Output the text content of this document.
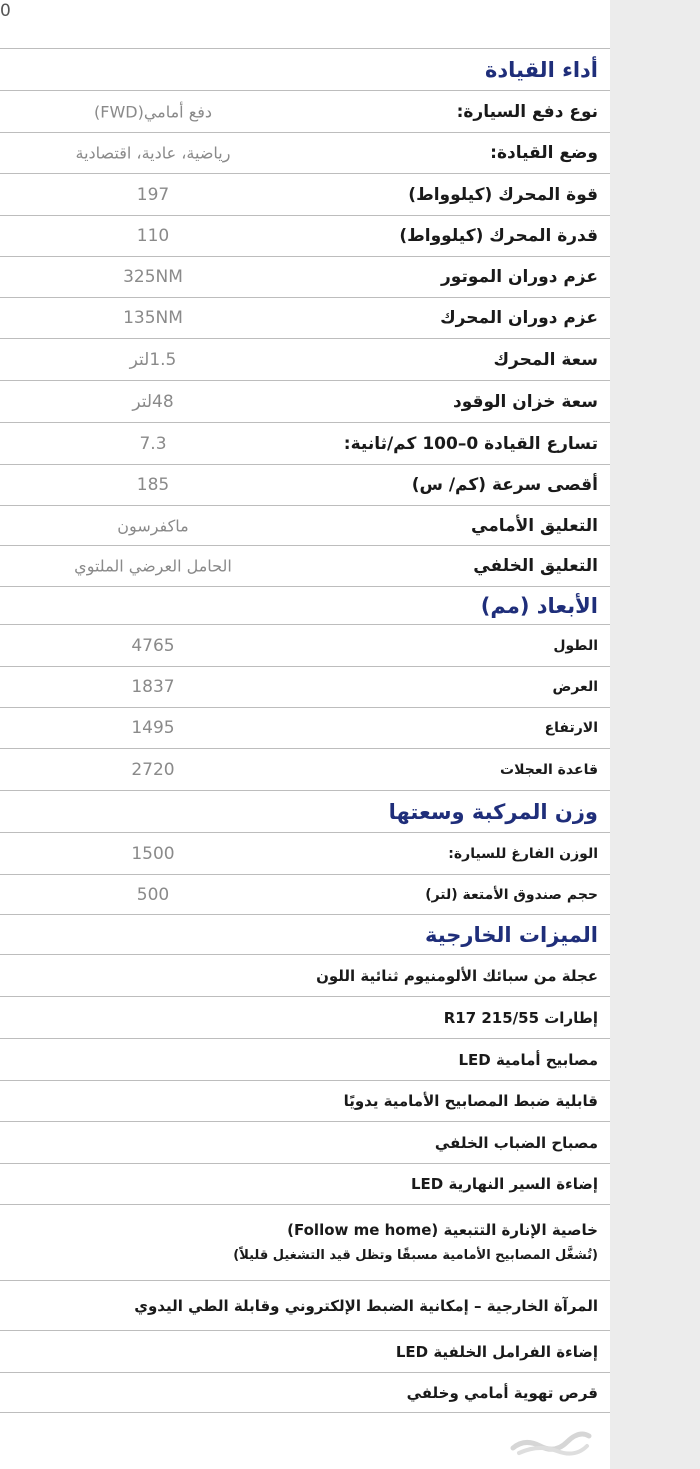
0
أداء القيادة
نوع دفع السيارة:
دفع أمامي(FWD)
وضع القيادة:
رياضية، عادية، اقتصادية
قوة المحرك (كيلوواط)
197
قدرة المحرك (كيلوواط)
110
عزم دوران الموتور
325NM
عزم دوران المحرك
135NM
سعة المحرك
1.5لتر
سعة خزان الوقود
48لتر
تسارع القيادة 0–100 كم/ثانية:
7.3
أقصى سرعة (كم/ س)
185
التعليق الأمامي
ماكفرسون
التعليق الخلفي
الحامل العرضي الملتوي
الأبعاد (مم)
الطول
4765
العرض
1837
الارتفاع
1495
قاعدة العجلات
2720
وزن المركبة وسعتها
الوزن الفارغ للسيارة:
1500
حجم صندوق الأمتعة (لتر)
500
الميزات الخارجية
عجلة من سبائك الألومنيوم ثنائية اللون
إطارات R17 215/55
مصابيح أمامية LED
قابلية ضبط المصابيح الأمامية يدويًا
مصباح الضباب الخلفي
إضاءة السير النهارية LED
خاصية الإنارة التتبعية (Follow me home)
(تُشغَّل المصابيح الأمامية مسبقًا وتظل قيد التشغيل قليلاً)
المرآة الخارجية – إمكانية الضبط الإلكتروني وقابلة الطي اليدوي
إضاءة الفرامل الخلفية LED
قرص تهوية أمامي وخلفي
